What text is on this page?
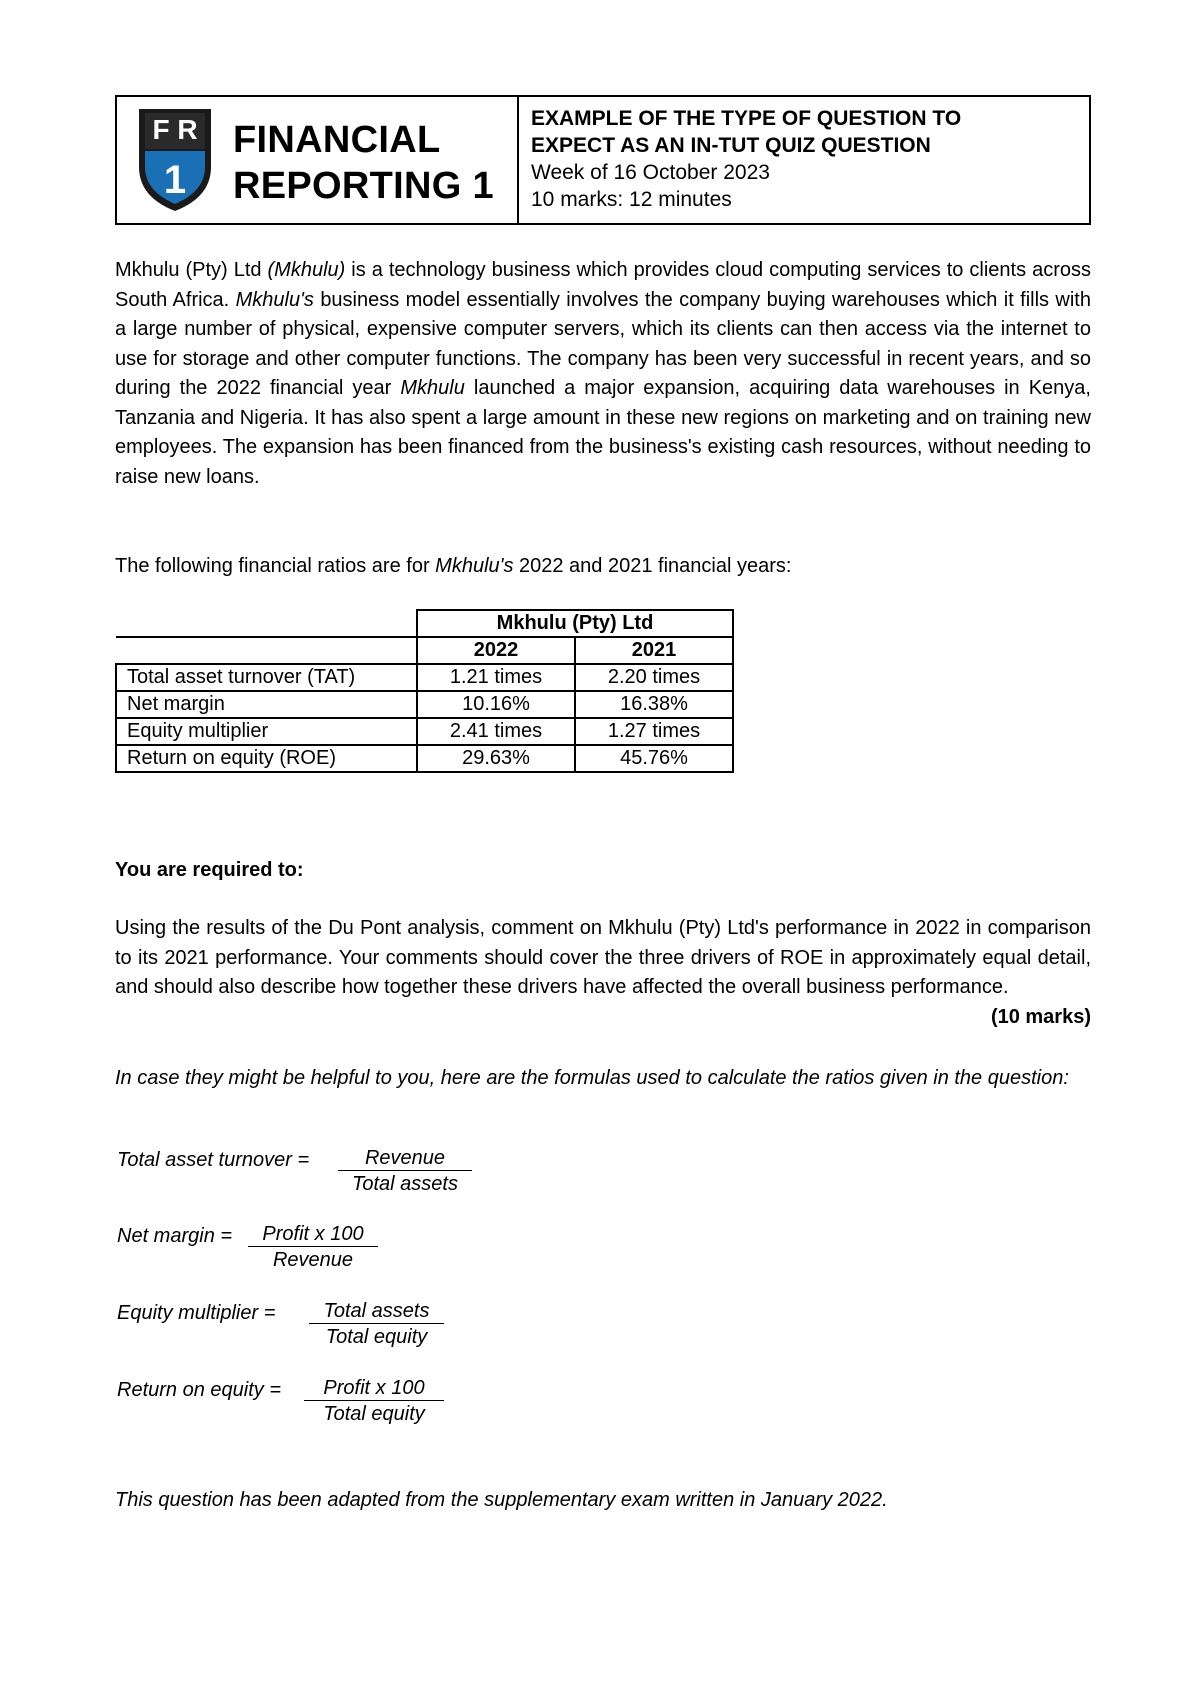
F R
1
FINANCIAL
REPORTING 1
EXAMPLE OF THE TYPE OF QUESTION TO
EXPECT AS AN IN-TUT QUIZ QUESTION
Week of 16 October 2023
10 marks: 12 minutes
Mkhulu (Pty) Ltd (Mkhulu) is a technology business which provides cloud computing services to clients across South Africa. Mkhulu's business model essentially involves the company buying warehouses which it fills with a large number of physical, expensive computer servers, which its clients can then access via the internet to use for storage and other computer functions. The company has been very successful in recent years, and so during the 2022 financial year Mkhulu launched a major expansion, acquiring data warehouses in Kenya, Tanzania and Nigeria. It has also spent a large amount in these new regions on marketing and on training new employees. The expansion has been financed from the business's existing cash resources, without needing to raise new loans.
The following financial ratios are for Mkhulu's 2022 and 2021 financial years:
	Mkhulu (Pty) Ltd	
	2022	2021
Total asset turnover (TAT)	1.21 times	2.20 times
Net margin	10.16%	16.38%
Equity multiplier	2.41 times	1.27 times
Return on equity (ROE)	29.63%	45.76%
You are required to:
Using the results of the Du Pont analysis, comment on Mkhulu (Pty) Ltd's performance in 2022 in comparison to its 2021 performance. Your comments should cover the three drivers of ROE in approximately equal detail, and should also describe how together these drivers have affected the overall business performance.
(10 marks)
In case they might be helpful to you, here are the formulas used to calculate the ratios given in the question:
Total asset turnover =	Revenue
Total assets
Net margin =	Profit x 100
Revenue
Equity multiplier =	Total assets
Total equity
Return on equity =	Profit x 100
Total equity
This question has been adapted from the supplementary exam written in January 2022.
